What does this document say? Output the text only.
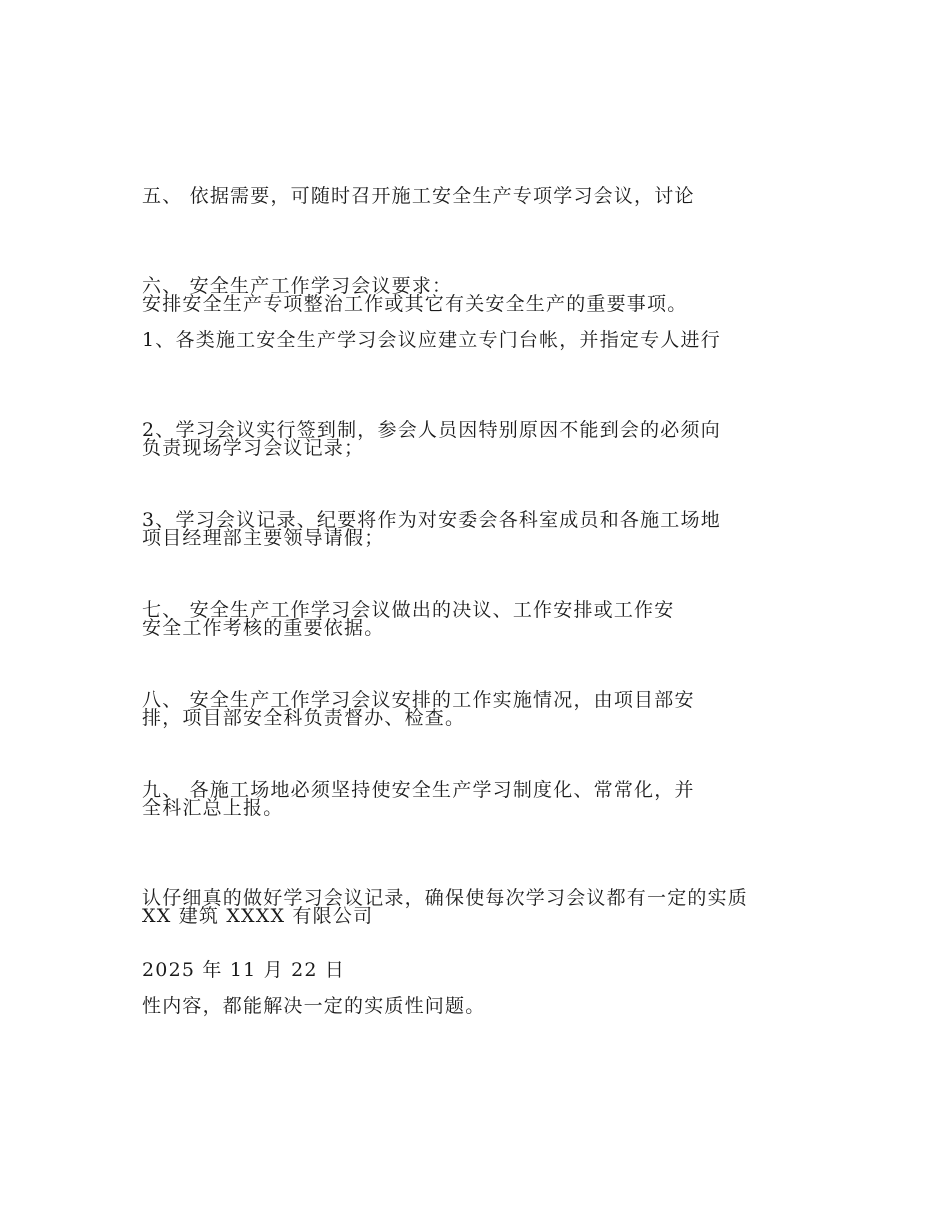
五、 依据需要，可随时召开施工安全生产专项学习会议，讨论

安排安全生产专项整治工作或其它有关安全生产的重要事项。

六、 安全生产工作学习会议要求：

1、各类施工安全生产学习会议应建立专门台帐，并指定专人进行

负责现场学习会议记录；

2、学习会议实行签到制，参会人员因特别原因不能到会的必须向

项目经理部主要领导请假；

3、学习会议记录、纪要将作为对安委会各科室成员和各施工场地

安全工作考核的重要依据。

七、 安全生产工作学习会议做出的决议、工作安排或工作安

排，项目部安全科负责督办、检查。

八、 安全生产工作学习会议安排的工作实施情况，由项目部安

全科汇总上报。

九、 各施工场地必须坚持使安全生产学习制度化、常常化，并

认仔细真的做好学习会议记录，确保使每次学习会议都有一定的实质

性内容，都能解决一定的实质性问题。

XX 建筑 XXXX 有限公司

2025 年 11 月 22 日
